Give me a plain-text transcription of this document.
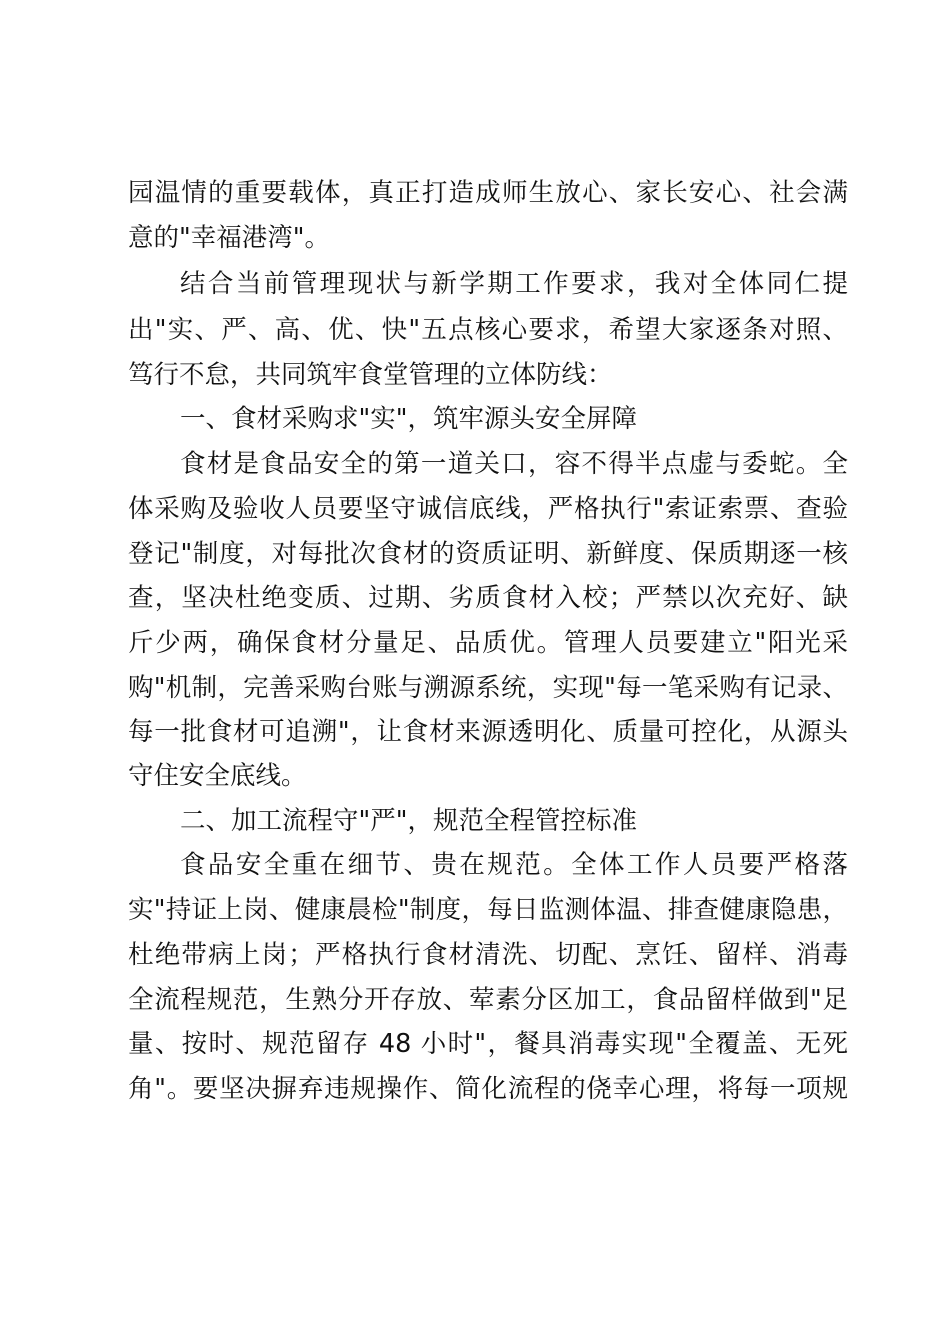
园温情的重要载体，真正打造成师生放心、家长安心、社会满
意的"幸福港湾"。
结合当前管理现状与新学期工作要求，我对全体同仁提
出"实、严、高、优、快"五点核心要求，希望大家逐条对照、
笃行不怠，共同筑牢食堂管理的立体防线：
一、食材采购求"实"，筑牢源头安全屏障
食材是食品安全的第一道关口，容不得半点虚与委蛇。全
体采购及验收人员要坚守诚信底线，严格执行"索证索票、查验
登记"制度，对每批次食材的资质证明、新鲜度、保质期逐一核
查，坚决杜绝变质、过期、劣质食材入校；严禁以次充好、缺
斤少两，确保食材分量足、品质优。管理人员要建立"阳光采
购"机制，完善采购台账与溯源系统，实现"每一笔采购有记录、
每一批食材可追溯"，让食材来源透明化、质量可控化，从源头
守住安全底线。
二、加工流程守"严"，规范全程管控标准
食品安全重在细节、贵在规范。全体工作人员要严格落
实"持证上岗、健康晨检"制度，每日监测体温、排查健康隐患，
杜绝带病上岗；严格执行食材清洗、切配、烹饪、留样、消毒
全流程规范，生熟分开存放、荤素分区加工，食品留样做到"足
量、按时、规范留存 48 小时"，餐具消毒实现"全覆盖、无死
角"。要坚决摒弃违规操作、简化流程的侥幸心理，将每一项规
